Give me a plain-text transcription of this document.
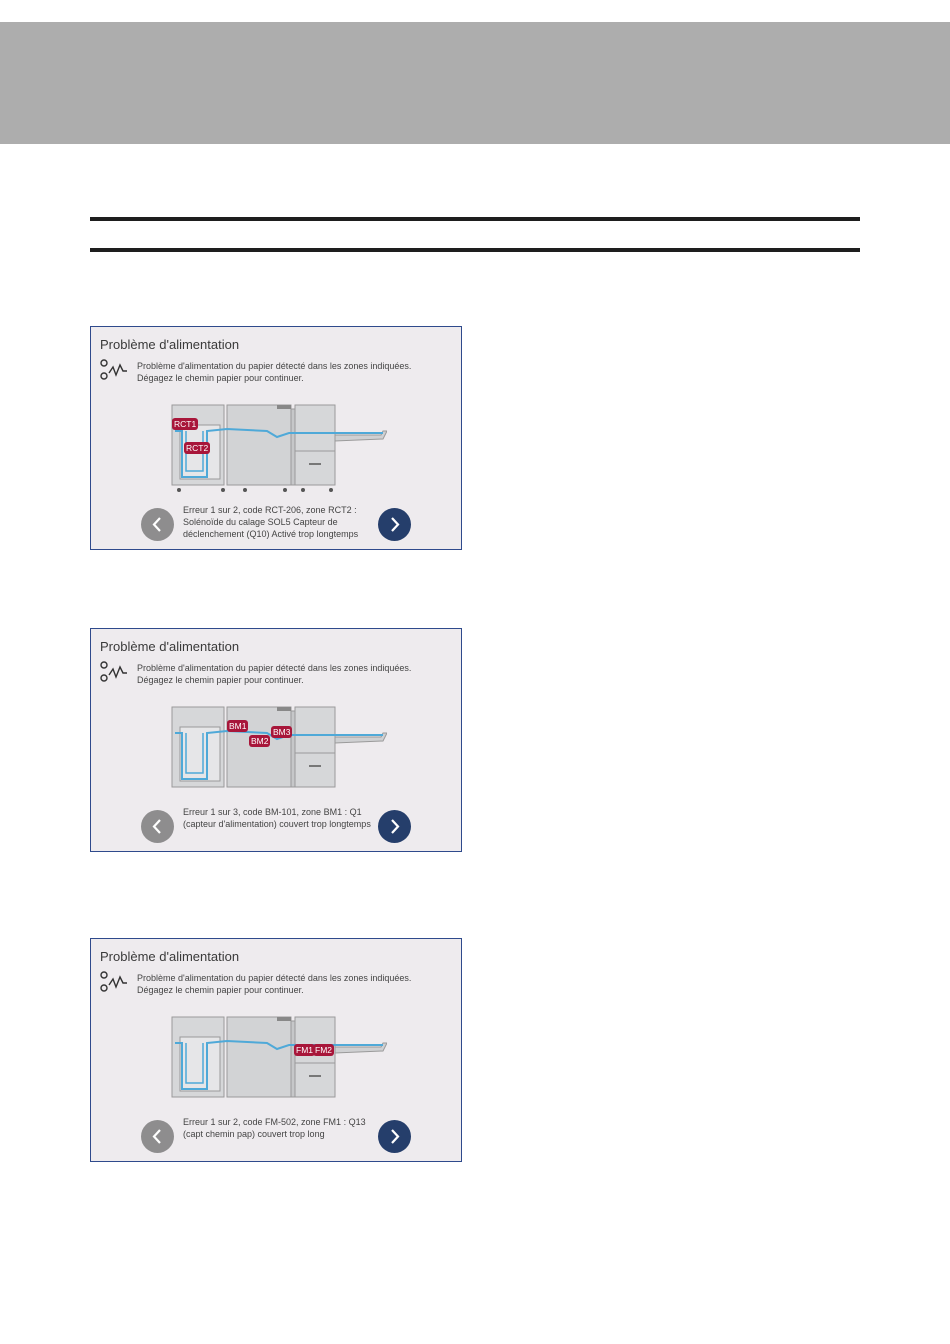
Problème d'alimentation
Problème d'alimentation du papier détecté dans les zones indiquées. Dégagez le chemin papier pour continuer.
RCT1
RCT2
Erreur 1 sur 2, code RCT-206, zone RCT2 : Solénoïde du calage SOL5 Capteur de déclenchement (Q10) Activé trop longtemps
Problème d'alimentation
Problème d'alimentation du papier détecté dans les zones indiquées. Dégagez le chemin papier pour continuer.
BM1
BM3
BM2
Erreur 1 sur 3, code BM-101, zone BM1 : Q1 (capteur d'alimentation) couvert trop longtemps
Problème d'alimentation
Problème d'alimentation du papier détecté dans les zones indiquées. Dégagez le chemin papier pour continuer.
FM1 FM2
Erreur 1 sur 2, code FM-502, zone FM1 : Q13 (capt chemin pap) couvert trop long
